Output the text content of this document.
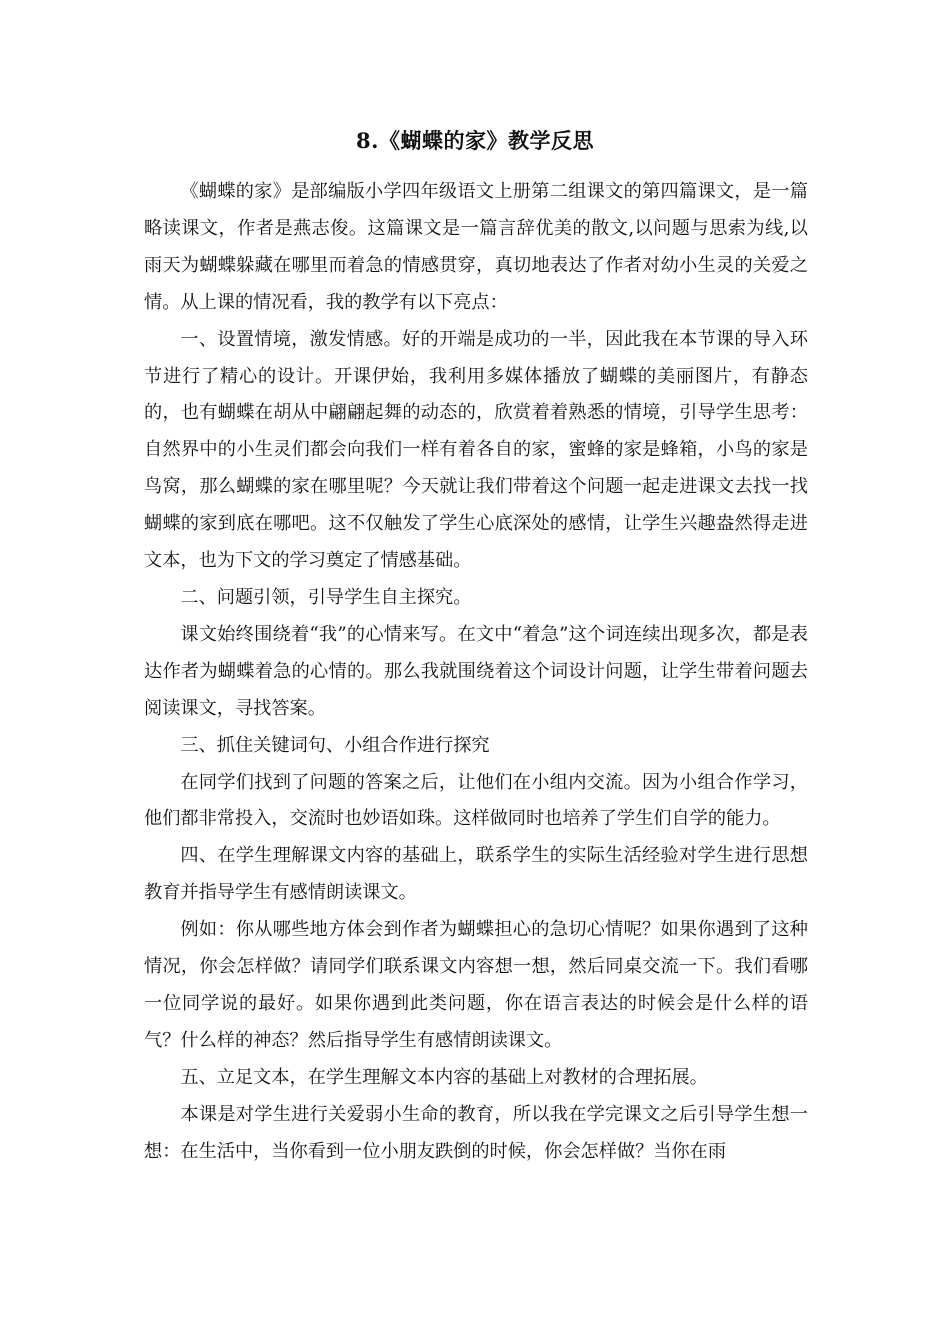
8.《蝴蝶的家》教学反思

《蝴蝶的家》是部编版小学四年级语文上册第二组课文的第四篇课文，是一篇略读课文，作者是燕志俊。这篇课文是一篇言辞优美的散文,以问题与思索为线,以雨天为蝴蝶躲藏在哪里而着急的情感贯穿，真切地表达了作者对幼小生灵的关爱之情。从上课的情况看，我的教学有以下亮点：

一、设置情境，激发情感。好的开端是成功的一半，因此我在本节课的导入环节进行了精心的设计。开课伊始，我利用多媒体播放了蝴蝶的美丽图片，有静态的，也有蝴蝶在胡从中翩翩起舞的动态的，欣赏着着熟悉的情境，引导学生思考：自然界中的小生灵们都会向我们一样有着各自的家，蜜蜂的家是蜂箱，小鸟的家是鸟窝，那么蝴蝶的家在哪里呢？今天就让我们带着这个问题一起走进课文去找一找蝴蝶的家到底在哪吧。这不仅触发了学生心底深处的感情，让学生兴趣盎然得走进文本，也为下文的学习奠定了情感基础。

二、问题引领，引导学生自主探究。

课文始终围绕着“我”的心情来写。在文中“着急”这个词连续出现多次，都是表达作者为蝴蝶着急的心情的。那么我就围绕着这个词设计问题，让学生带着问题去阅读课文，寻找答案。

三、抓住关键词句、小组合作进行探究

在同学们找到了问题的答案之后，让他们在小组内交流。因为小组合作学习，他们都非常投入，交流时也妙语如珠。这样做同时也培养了学生们自学的能力。

四、在学生理解课文内容的基础上，联系学生的实际生活经验对学生进行思想教育并指导学生有感情朗读课文。

例如：你从哪些地方体会到作者为蝴蝶担心的急切心情呢？如果你遇到了这种情况，你会怎样做？请同学们联系课文内容想一想，然后同桌交流一下。我们看哪一位同学说的最好。如果你遇到此类问题，你在语言表达的时候会是什么样的语气？什么样的神态？然后指导学生有感情朗读课文。

五、立足文本，在学生理解文本内容的基础上对教材的合理拓展。

本课是对学生进行关爱弱小生命的教育，所以我在学完课文之后引导学生想一想：在生活中，当你看到一位小朋友跌倒的时候，你会怎样做？当你在雨
